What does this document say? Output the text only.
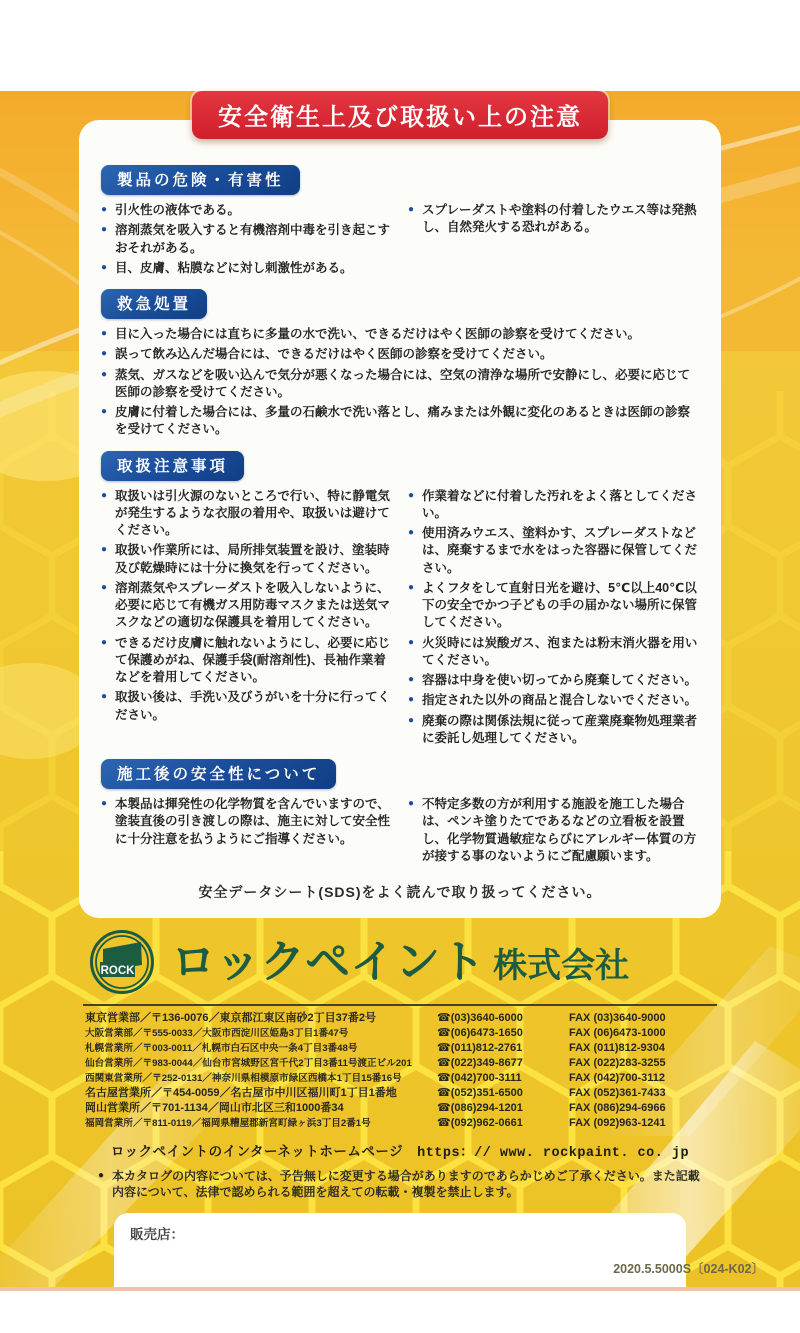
安全衛生上及び取扱い上の注意
製品の危険・有害性
● 引火性の液体である。
● 溶剤蒸気を吸入すると有機溶剤中毒を引き起こすおそれがある。
● 目、皮膚、粘膜などに対し刺激性がある。
● スプレーダストや塗料の付着したウエス等は発熱し、自然発火する恐れがある。
救急処置
● 目に入った場合には直ちに多量の水で洗い、できるだけはやく医師の診察を受けてください。
● 誤って飲み込んだ場合には、できるだけはやく医師の診察を受けてください。
● 蒸気、ガスなどを吸い込んで気分が悪くなった場合には、空気の清浄な場所で安静にし、必要に応じて 医師の診察を受けてください。
● 皮膚に付着した場合には、多量の石鹸水で洗い落とし、痛みまたは外観に変化のあるときは医師の診察を受けてください。
取扱注意事項
● 取扱いは引火源のないところで行い、特に静電気が発生するような衣服の着用や、取扱いは避けてください。
● 取扱い作業所には、局所排気装置を設け、塗装時及び乾燥時には十分に換気を行ってください。
● 溶剤蒸気やスプレーダストを吸入しないように、必要に応じて有機ガス用防毒マスクまたは送気マスクなどの適切な保護具を着用してください。
● できるだけ皮膚に触れないようにし、必要に応じて保護めがね、保護手袋(耐溶剤性)、長袖作業着などを着用してください。
● 取扱い後は、手洗い及びうがいを十分に行ってください。
● 作業着などに付着した汚れをよく落としてください。
● 使用済みウエス、塗料かす、スプレーダストなどは、廃棄するまで水をはった容器に保管してください。
● よくフタをして直射日光を避け、5℃以上40℃以下の安全でかつ子どもの手の届かない場所に保管してください。
● 火災時には炭酸ガス、泡または粉末消火器を用いてください。
● 容器は中身を使い切ってから廃棄してください。
● 指定された以外の商品と混合しないでください。
● 廃棄の際は関係法規に従って産業廃棄物処理業者に委託し処理してください。
施工後の安全性について
● 本製品は揮発性の化学物質を含んでいますので、塗装直後の引き渡しの際は、施主に対して安全性に十分注意を払うようにご指導ください。
● 不特定多数の方が利用する施設を施工した場合は、ペンキ塗りたてであるなどの立看板を設置し、化学物質過敏症ならびにアレルギー体質の方が接する事のないようにご配慮願います。
安全データシート(SDS)をよく読んで取り扱ってください。
ROCK ロックペイント 株式会社
東京営業部／〒136-0076／東京都江東区南砂2丁目37番2号	☎(03)3640-6000	FAX (03)3640-9000
大阪営業部／〒555-0033／大阪市西淀川区姫島3丁目1番47号	☎(06)6473-1650	FAX (06)6473-1000
札幌営業所／〒003-0011／札幌市白石区中央一条4丁目3番48号	☎(011)812-2761	FAX (011)812-9304
仙台営業所／〒983-0044／仙台市宮城野区宮千代2丁目3番11号渡正ビル201	☎(022)349-8677	FAX (022)283-3255
西関東営業所／〒252-0131／神奈川県相模原市緑区西橋本1丁目15番16号	☎(042)700-3111	FAX (042)700-3112
名古屋営業所／〒454-0059／名古屋市中川区福川町1丁目1番地	☎(052)351-6500	FAX (052)361-7433
岡山営業所／〒701-1134／岡山市北区三和1000番34	☎(086)294-1201	FAX (086)294-6966
福岡営業所／〒811-0119／福岡県糟屋郡新宮町緑ヶ浜3丁目2番1号	☎(092)962-0661	FAX (092)963-1241
ロックペイントのインターネットホームページ https：// www. rockpaint. co. jp
● 本カタログの内容については、予告無しに変更する場合がありますのであらかじめご了承ください。また記載内容について、法律で認められる範囲を超えての転載・複製を禁止します。
販売店：
2020.5.5000S〔024-K02〕
